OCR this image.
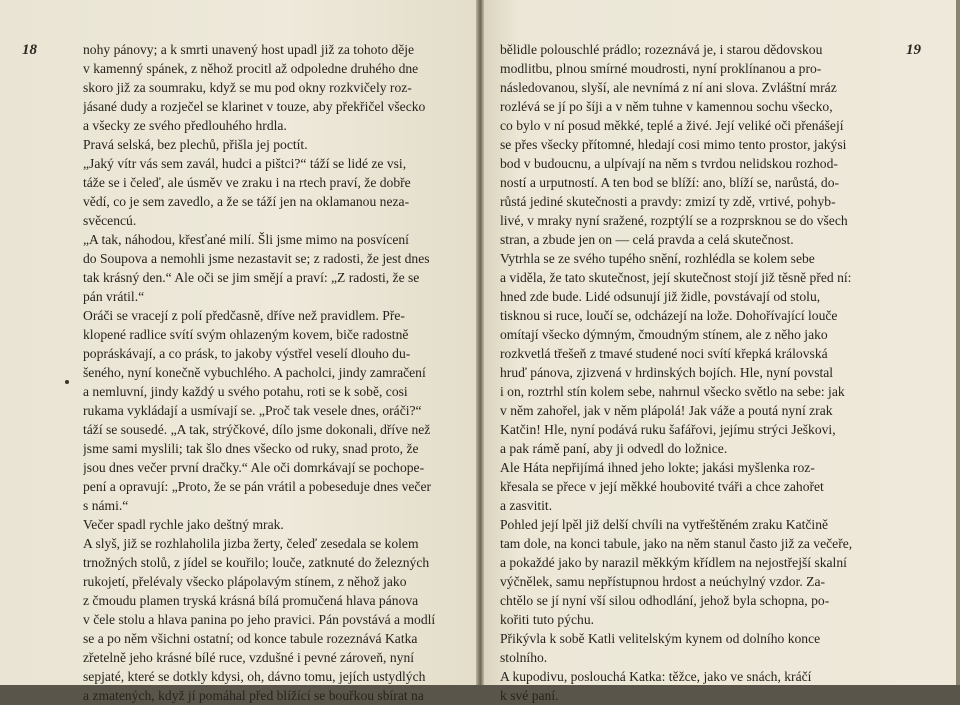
18	19
nohy pánovy; a k smrti unavený host upadl již za tohoto děje
v kamenný spánek, z něhož procitl až odpoledne druhého dne
skoro již za soumraku, když se mu pod okny rozkvičely roz-
jásané dudy a rozječel se klarinet v touze, aby překřičel všecko
a všecky ze svého předlouhého hrdla.
Pravá selská, bez plechů, přišla jej poctít.
„Jaký vítr vás sem zavál, hudci a pištci?“ táží se lidé ze vsi,
táže se i čeleď, ale úsměv ve zraku i na rtech praví, že dobře
vědí, co je sem zavedlo, a že se táží jen na oklamanou neza-
svěcencú.
„A tak, náhodou, křesťané milí. Šli jsme mimo na posvícení
do Soupova a nemohli jsme nezastavit se; z radosti, že jest dnes
tak krásný den.“ Ale oči se jim smějí a praví: „Z radosti, že se
pán vrátil.“
Oráči se vracejí z polí předčasně, dříve než pravidlem. Pře-
klopené radlice svítí svým ohlazeným kovem, biče radostně
popráskávají, a co prásk, to jakoby výstřel veselí dlouho du-
šeného, nyní konečně vybuchlého. A pacholci, jindy zamračení
a nemluvní, jindy každý u svého potahu, roti se k sobě, cosi
rukama vykládají a usmívají se. „Proč tak vesele dnes, oráči?“
táží se sousedé. „A tak, strýčkové, dílo jsme dokonali, dříve než
jsme sami myslili; tak šlo dnes všecko od ruky, snad proto, že
jsou dnes večer první dračky.“ Ale oči domrkávají se pochope-
pení a opravují: „Proto, že se pán vrátil a pobeseduje dnes večer
s námi.“
Večer spadl rychle jako deštný mrak.
A slyš, již se rozhlaholila jizba žerty, čeleď zesedala se kolem
trnožných stolů, z jídel se kouřilo; louče, zatknuté do železných
rukojetí, přelévaly všecko plápolavým stínem, z něhož jako
z čmoudu plamen tryská krásná bílá promučená hlava pánova
v čele stolu a hlava panina po jeho pravici. Pán povstává a modlí
se a po něm všichni ostatní; od konce tabule rozeznává Katka
zřetelně jeho krásné bílé ruce, vzdušné i pevné zároveň, nyní
sepjaté, které se dotkly kdysi, oh, dávno tomu, jejích ustydlých
a zmatených, když jí pomáhal před blížící se bouřkou sbírat na
bělidle polouschlé prádlo; rozeznává je, i starou dědovskou
modlitbu, plnou smírné moudrosti, nyní proklínanou a pro-
následovanou, slyší, ale nevnímá z ní ani slova. Zvláštní mráz
rozlévá se jí po šíji a v něm tuhne v kamennou sochu všecko,
co bylo v ní posud měkké, teplé a živé. Její veliké oči přenášejí
se přes všecky přítomné, hledají cosi mimo tento prostor, jakýsi
bod v budoucnu, a ulpívají na něm s tvrdou nelidskou rozhod-
ností a urputností. A ten bod se blíží: ano, blíží se, narůstá, do-
růstá jediné skutečnosti a pravdy: zmizí ty zdě, vrtivé, pohyb-
livé, v mraky nyní sražené, rozptýlí se a rozprsknou se do všech
stran, a zbude jen on — celá pravda a celá skutečnost.
Vytrhla se ze svého tupého snění, rozhlédla se kolem sebe
a viděla, že tato skutečnost, její skutečnost stojí již těsně před ní:
hned zde bude. Lidé odsunují již židle, povstávají od stolu,
tisknou si ruce, loučí se, odcházejí na lože. Dohořívající louče
omítají všecko dýmným, čmoudným stínem, ale z něho jako
rozkvetlá třešeň z tmavé studené noci svítí křepká královská
hruď pánova, zjizvená v hrdinských bojích. Hle, nyní povstal
i on, roztrhl stín kolem sebe, nahrnul všecko světlo na sebe: jak
v něm zahořel, jak v něm plápolá! Jak váže a poutá nyní zrak
Katčin! Hle, nyní podává ruku šafářovi, jejímu strýci Ješkovi,
a pak rámě paní, aby ji odvedl do ložnice.
Ale Háta nepřijímá ihned jeho lokte; jakási myšlenka roz-
křesala se přece v její měkké houbovité tváři a chce zahořet
a zasvitit.
Pohled její lpěl již delší chvíli na vytřeštěném zraku Katčině
tam dole, na konci tabule, jako na něm stanul často již za večeře,
a pokaždé jako by narazil měkkým křídlem na nejostřejší skalní
výčnělek, samu nepřístupnou hrdost a neúchylný vzdor. Za-
chtělo se jí nyní vší silou odhodlání, jehož byla schopna, po-
kořiti tuto pýchu.
Přikývla k sobě Katli velitelským kynem od dolního konce
stolního.
A kupodivu, poslouchá Katka: těžce, jako ve snách, kráčí
k své paní.
